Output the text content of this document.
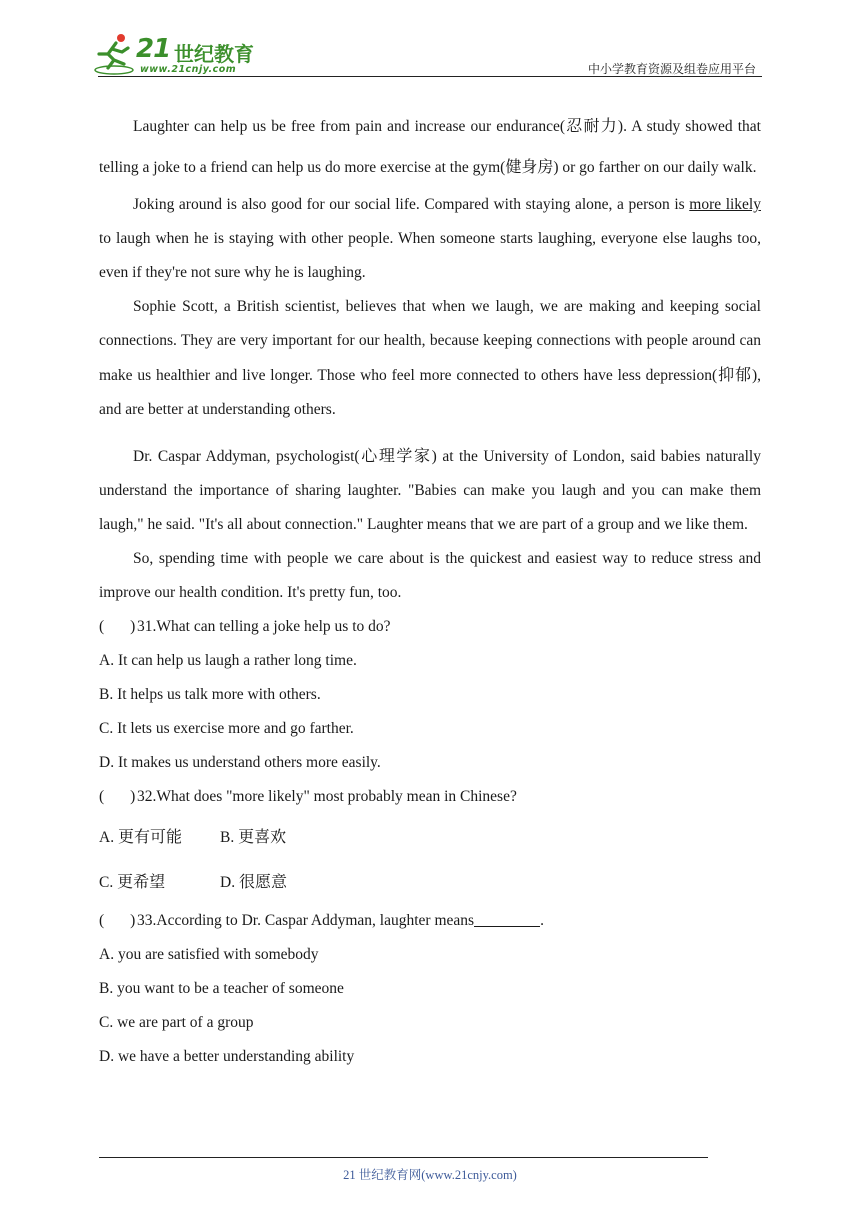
21 世纪教育
www.21cnjy.com	中小学教育资源及组卷应用平台

Laughter can help us be free from pain and increase our endurance(忍耐力). A study showed that telling a joke to a friend can help us do more exercise at the gym(健身房) or go farther on our daily walk.

Joking around is also good for our social life. Compared with staying alone, a person is more likely to laugh when he is staying with other people. When someone starts laughing, everyone else laughs too, even if they're not sure why he is laughing.

Sophie Scott, a British scientist, believes that when we laugh, we are making and keeping social connections. They are very important for our health, because keeping connections with people around can make us healthier and live longer. Those who feel more connected to others have less depression(抑郁), and are better at understanding others.

Dr. Caspar Addyman, psychologist(心理学家) at the University of London, said babies naturally understand the importance of sharing laughter. "Babies can make you laugh and you can make them laugh," he said. "It's all about connection." Laughter means that we are part of a group and we like them.

So, spending time with people we care about is the quickest and easiest way to reduce stress and improve our health condition. It's pretty fun, too.

( ) 31.What can telling a joke help us to do?

A. It can help us laugh a rather long time.

B. It helps us talk more with others.

C. It lets us exercise more and go farther.

D. It makes us understand others more easily.

( ) 32.What does "more likely" most probably mean in Chinese?

A. 更有可能 B. 更喜欢

C. 更希望	D. 很愿意

( ) 33.According to Dr. Caspar Addyman, laughter means	.

A. you are satisfied with somebody

B. you want to be a teacher of someone

C. we are part of a group

D. we have a better understanding ability

21 世纪教育网(www.21cnjy.com)
